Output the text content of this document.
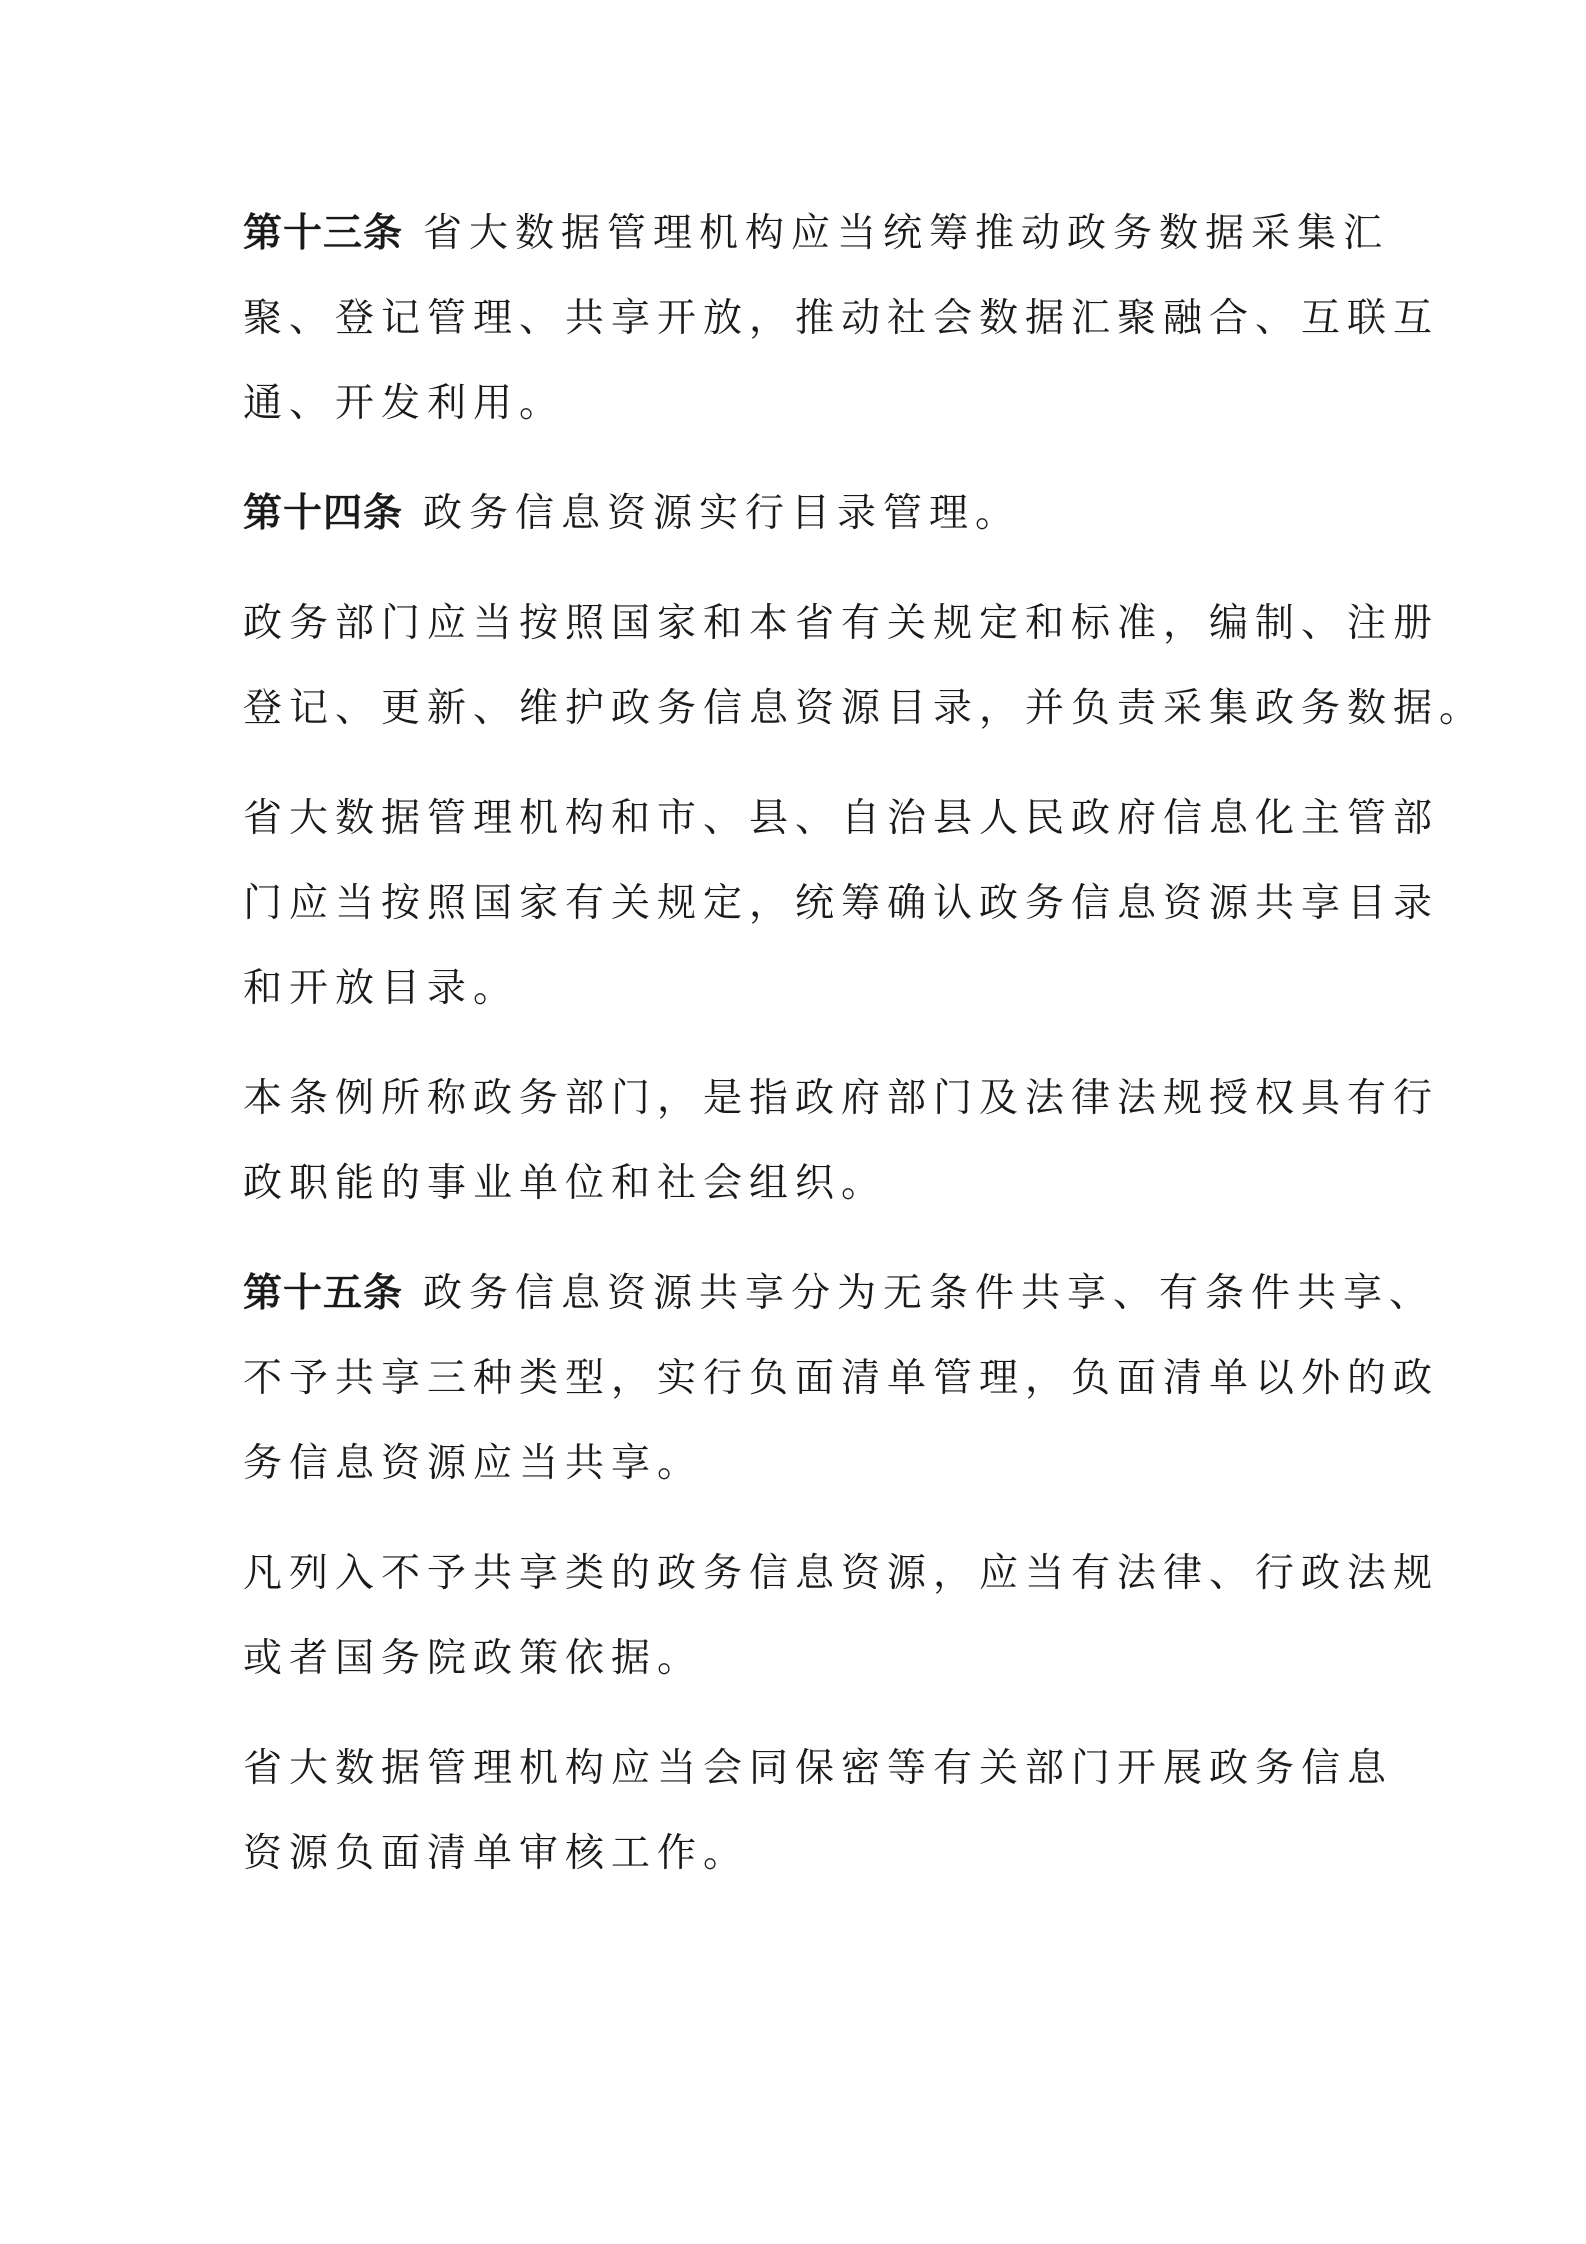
第十三条 省大数据管理机构应当统筹推动政务数据采集汇
聚、登记管理、共享开放，推动社会数据汇聚融合、互联互
通、开发利用。
第十四条 政务信息资源实行目录管理。
政务部门应当按照国家和本省有关规定和标准，编制、注册
登记、更新、维护政务信息资源目录，并负责采集政务数据。
省大数据管理机构和市、县、自治县人民政府信息化主管部
门应当按照国家有关规定，统筹确认政务信息资源共享目录
和开放目录。
本条例所称政务部门，是指政府部门及法律法规授权具有行
政职能的事业单位和社会组织。
第十五条 政务信息资源共享分为无条件共享、有条件共享、
不予共享三种类型，实行负面清单管理，负面清单以外的政
务信息资源应当共享。
凡列入不予共享类的政务信息资源，应当有法律、行政法规
或者国务院政策依据。
省大数据管理机构应当会同保密等有关部门开展政务信息
资源负面清单审核工作。
